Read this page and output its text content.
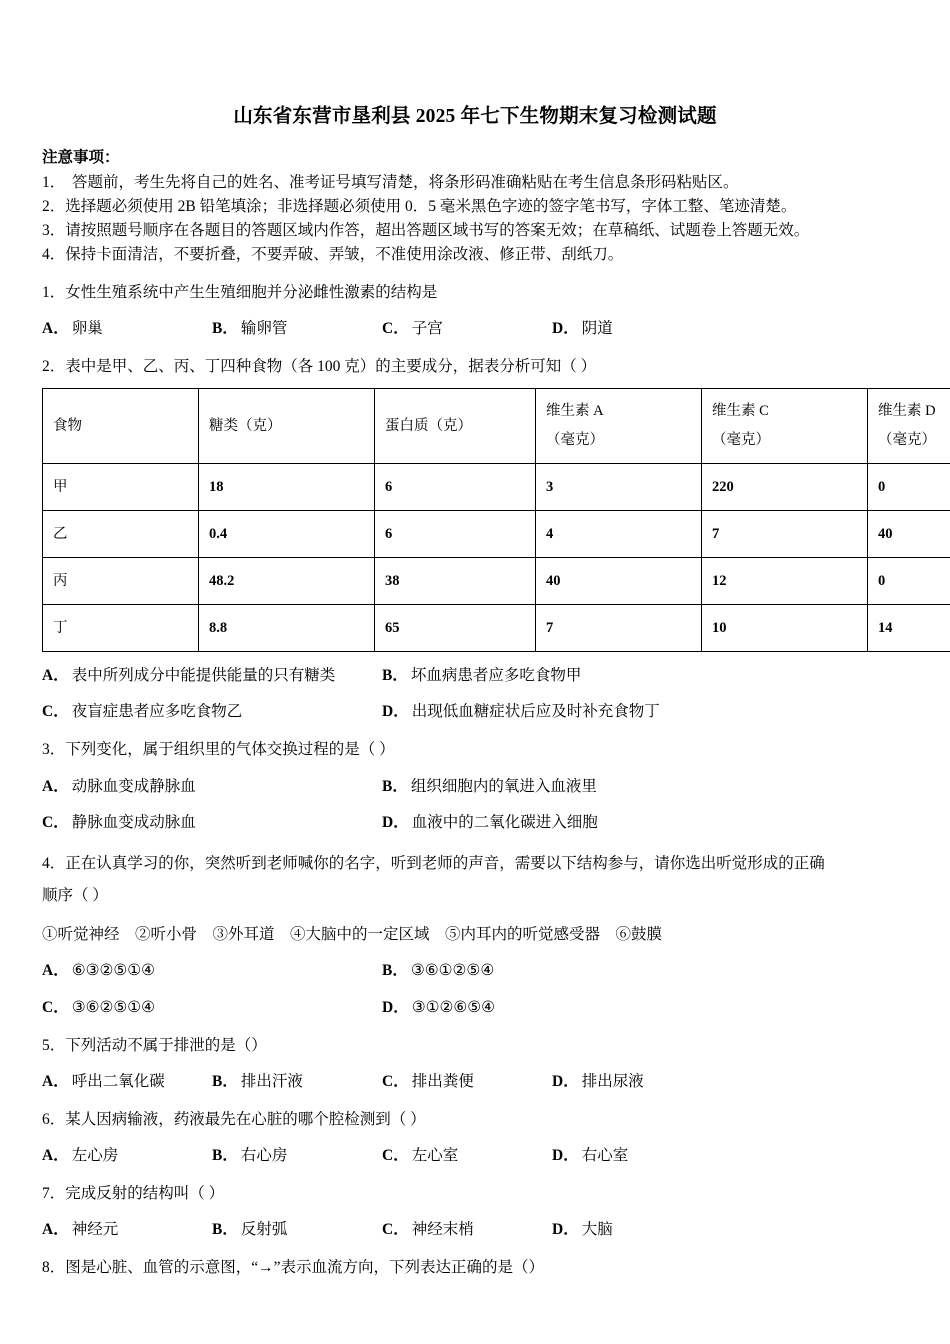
山东省东营市垦利县 2025 年七下生物期末复习检测试题

注意事项：

1． 答题前，考生先将自己的姓名、准考证号填写清楚，将条形码准确粘贴在考生信息条形码粘贴区。

2．选择题必须使用 2B 铅笔填涂；非选择题必须使用 0．5 毫米黑色字迹的签字笔书写，字体工整、笔迹清楚。

3．请按照题号顺序在各题目的答题区域内作答，超出答题区域书写的答案无效；在草稿纸、试题卷上答题无效。

4．保持卡面清洁，不要折叠，不要弄破、弄皱，不准使用涂改液、修正带、刮纸刀。

1．女性生殖系统中产生生殖细胞并分泌雌性激素的结构是

A． 卵巢	B． 输卵管	C． 子宫	D． 阴道

2．表中是甲、乙、丙、丁四种食物（各 100 克）的主要成分，据表分析可知（ ）

食物	糖类（克）	蛋白质（克）	维生素 A
（毫克）	维生素 C
（毫克）	维生素 D
（毫克）

甲	18	6	3	220	0
乙	0.4	6	4	7	40
丙	48.2	38	40	12	0
丁	8.8	65	7	10	14
A． 表中所列成分中能提供能量的只有糖类	B． 坏血病患者应多吃食物甲
C． 夜盲症患者应多吃食物乙	D． 出现低血糖症状后应及时补充食物丁

3．下列变化，属于组织里的气体交换过程的是（ ）

A． 动脉血变成静脉血	B． 组织细胞内的氧进入血液里
C． 静脉血变成动脉血	D． 血液中的二氧化碳进入细胞

4．正在认真学习的你，突然听到老师喊你的名字，听到老师的声音，需要以下结构参与，请你选出听觉形成的正确

顺序（ ）

①听觉神经　②听小骨　③外耳道　④大脑中的一定区域　⑤内耳内的听觉感受器　⑥鼓膜

A． ⑥③②⑤①④	B． ③⑥①②⑤④
C． ③⑥②⑤①④	D． ③①②⑥⑤④

5．下列活动不属于排泄的是（）

A． 呼出二氧化碳	B． 排出汗液	C． 排出粪便	D． 排出尿液

6．某人因病输液，药液最先在心脏的哪个腔检测到（ ）

A． 左心房	B． 右心房	C． 左心室	D． 右心室

7．完成反射的结构叫（ ）

A． 神经元	B． 反射弧	C． 神经末梢	D． 大脑

8．图是心脏、血管的示意图，“→”表示血流方向，下列表达正确的是（）
